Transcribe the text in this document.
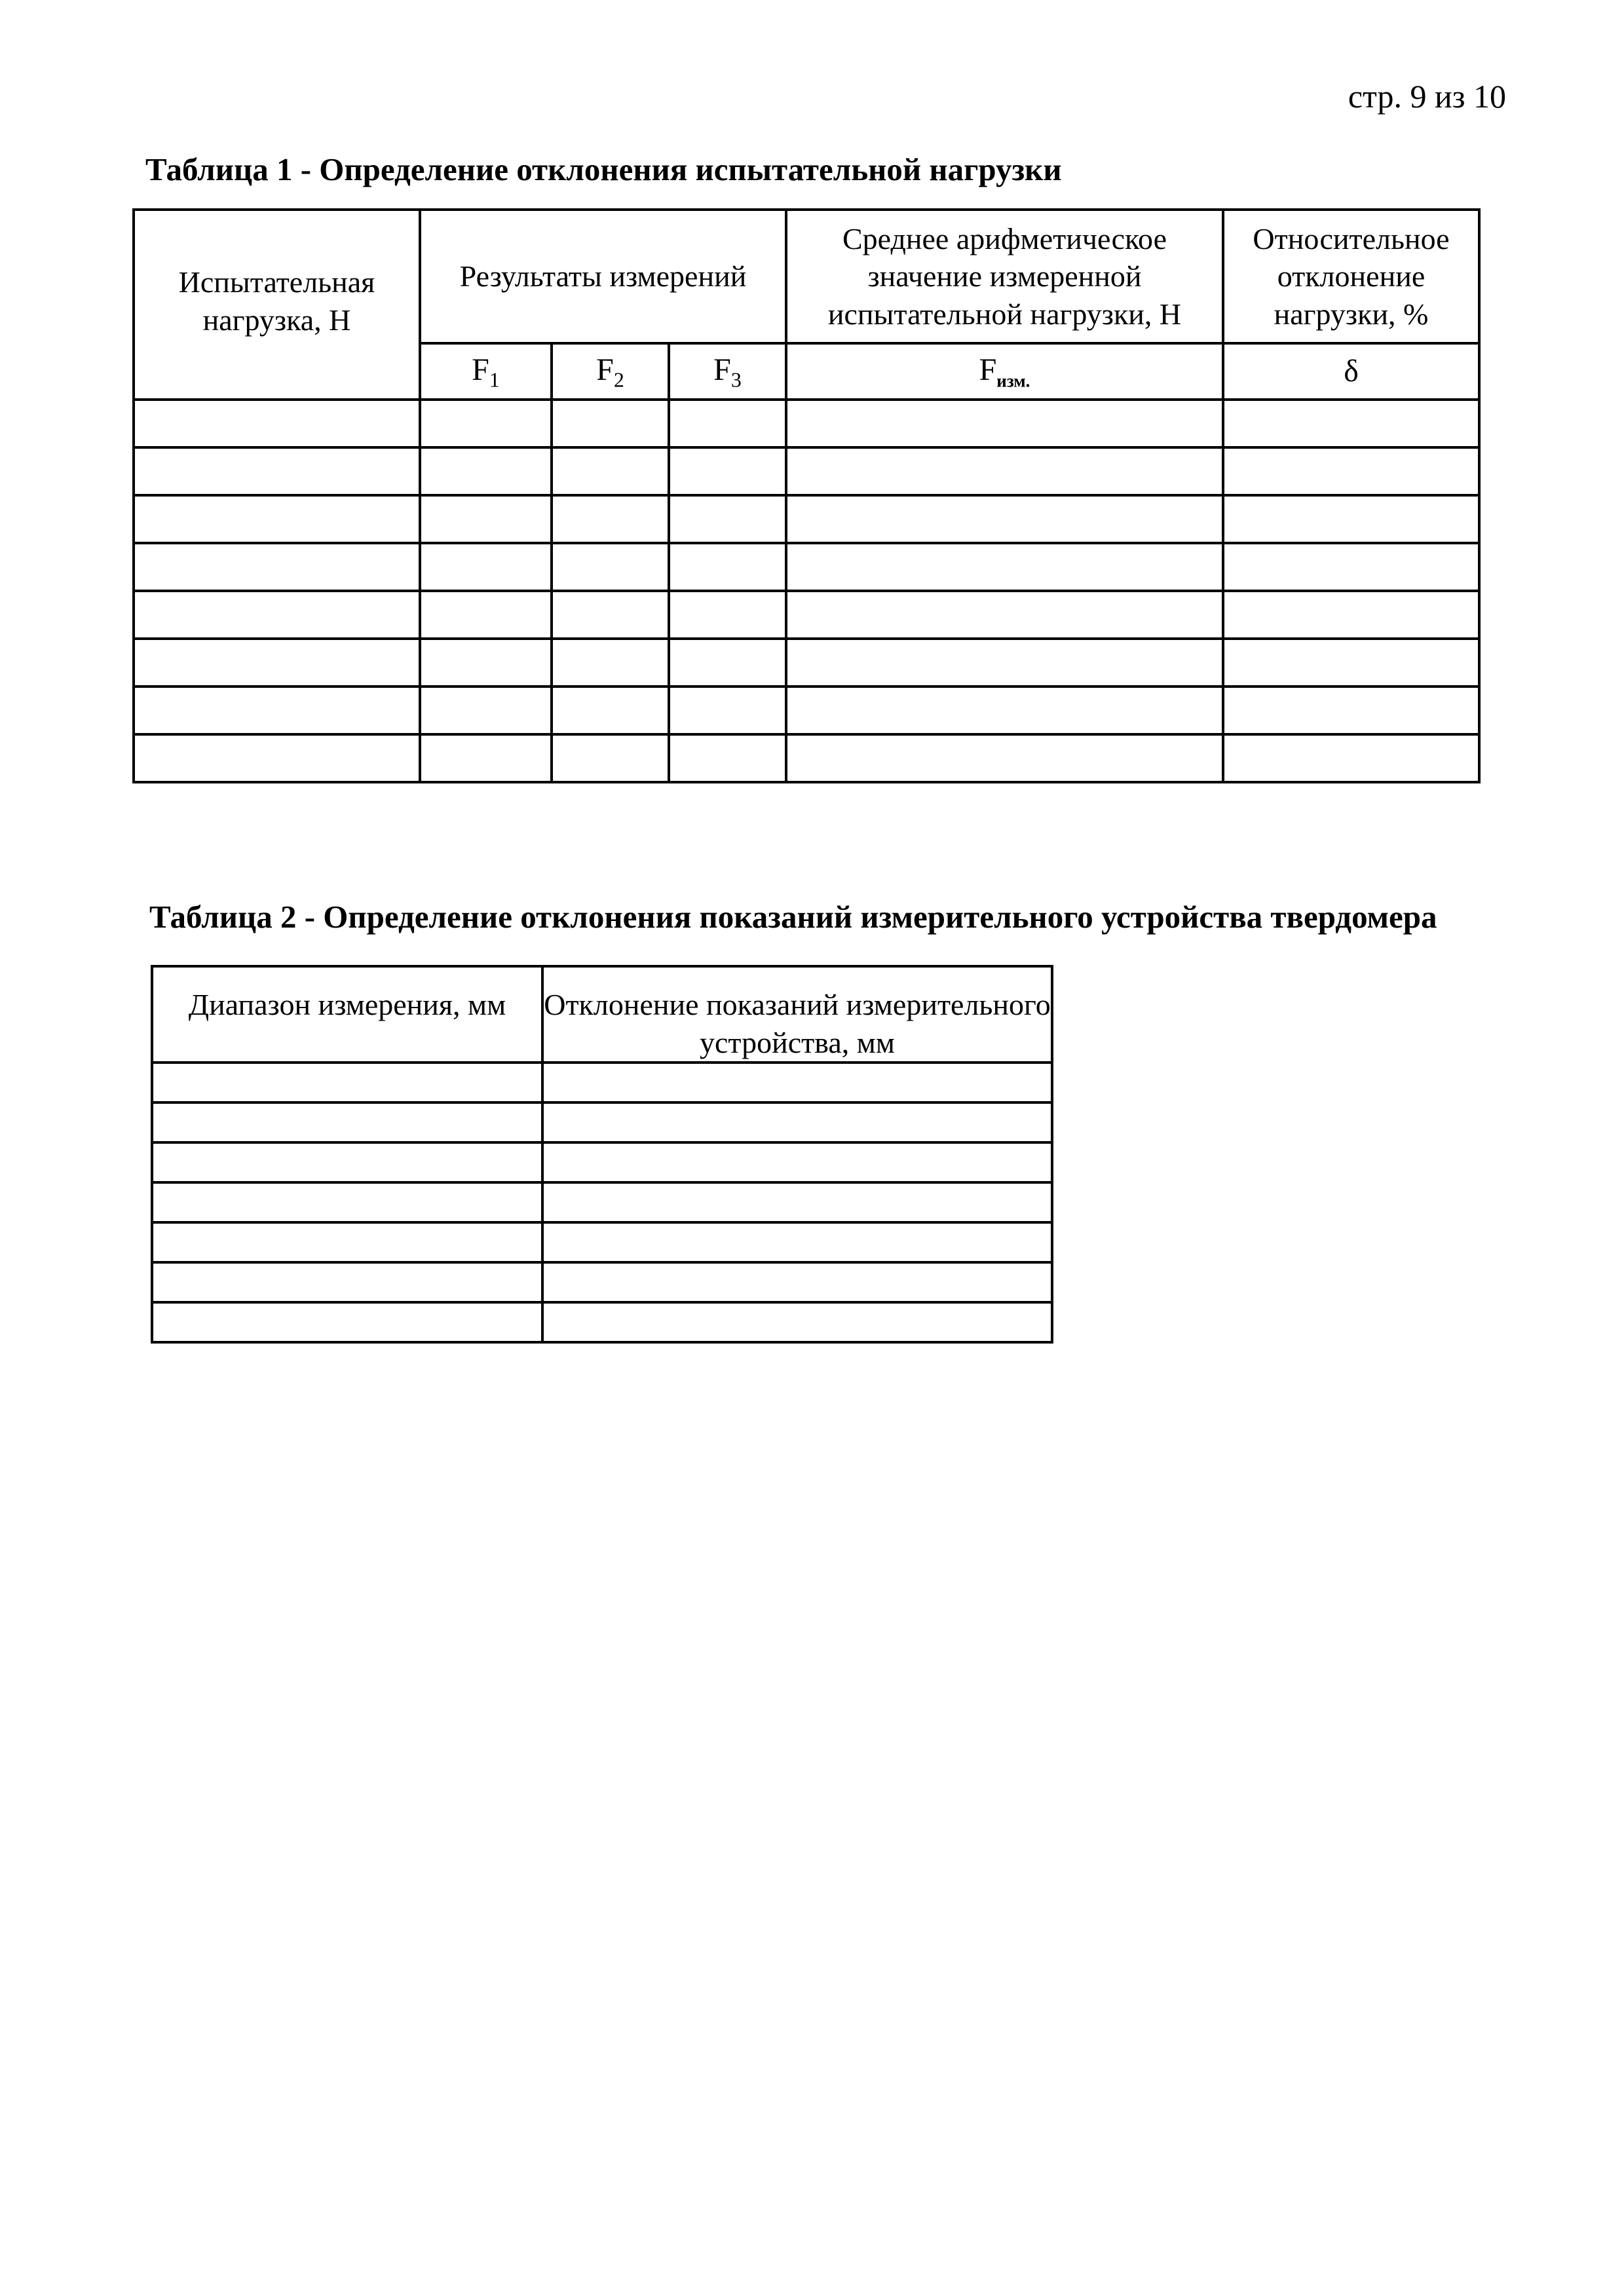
стр. 9 из 10
Таблица 1 - Определение отклонения испытательной нагрузки
Испытательная нагрузка, Н	Результаты измерений			Среднее арифметическое значение измеренной испытательной нагрузки, Н	Относительное отклонение нагрузки, %
	$F_1$	$F_2$	$F_3$	$F_{изм.}$	δ

Таблица 2 - Определение отклонения показаний измерительного устройства твердомера
Диапазон измерения, мм	Отклонение показаний измерительного устройства, мм
